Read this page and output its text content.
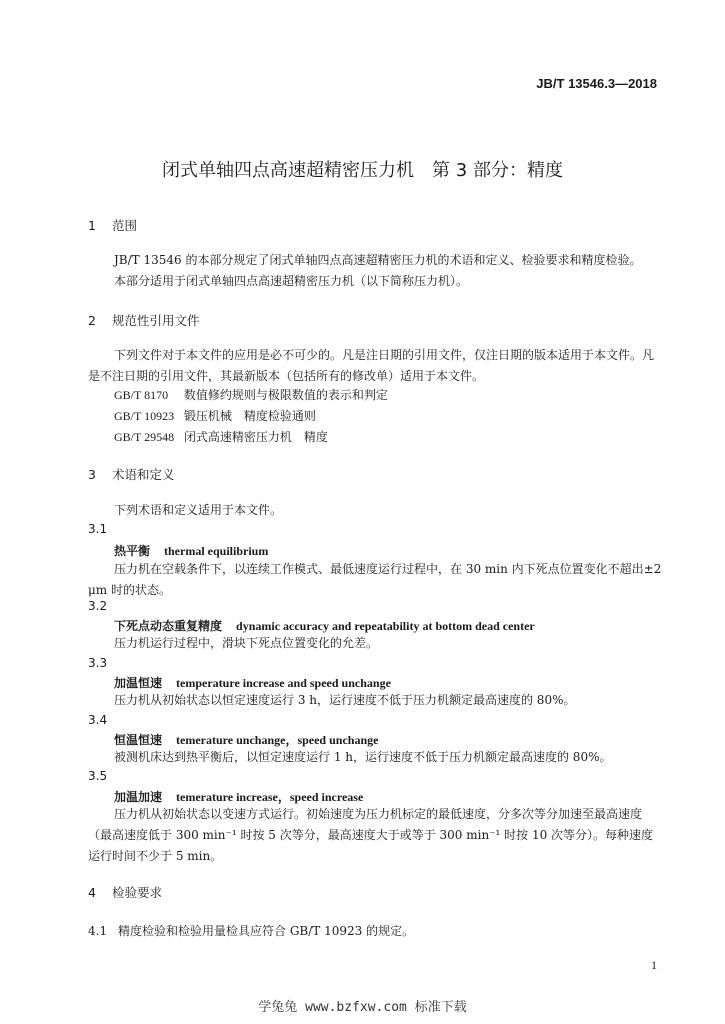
JB/T 13546.3—2018
闭式单轴四点高速超精密压力机　第 3 部分：精度
1 范围
JB/T 13546 的本部分规定了闭式单轴四点高速超精密压力机的术语和定义、检验要求和精度检验。
本部分适用于闭式单轴四点高速超精密压力机（以下简称压力机）。
2 规范性引用文件
下列文件对于本文件的应用是必不可少的。凡是注日期的引用文件，仅注日期的版本适用于本文件。凡是不注日期的引用文件，其最新版本（包括所有的修改单）适用于本文件。
GB/T 8170 数值修约规则与极限数值的表示和判定
GB/T 10923 锻压机械　精度检验通则
GB/T 29548 闭式高速精密压力机　精度
3 术语和定义
下列术语和定义适用于本文件。
3.1
热平衡 thermal equilibrium
压力机在空载条件下，以连续工作模式、最低速度运行过程中，在 30 min 内下死点位置变化不超出±2 μm 时的状态。
3.2
下死点动态重复精度 dynamic accuracy and repeatability at bottom dead center
压力机运行过程中，滑块下死点位置变化的允差。
3.3
加温恒速 temperature increase and speed unchange
压力机从初始状态以恒定速度运行 3 h，运行速度不低于压力机额定最高速度的 80%。
3.4
恒温恒速 temerature unchange，speed unchange
被测机床达到热平衡后，以恒定速度运行 1 h，运行速度不低于压力机额定最高速度的 80%。
3.5
加温加速 temerature increase，speed increase
压力机从初始状态以变速方式运行。初始速度为压力机标定的最低速度，分多次等分加速至最高速度（最高速度低于 300 min⁻¹ 时按 5 次等分，最高速度大于或等于 300 min⁻¹ 时按 10 次等分）。每种速度运行时间不少于 5 min。
4 检验要求
4.1 精度检验和检验用量检具应符合 GB/T 10923 的规定。
1
学兔兔 www.bzfxw.com 标准下载
